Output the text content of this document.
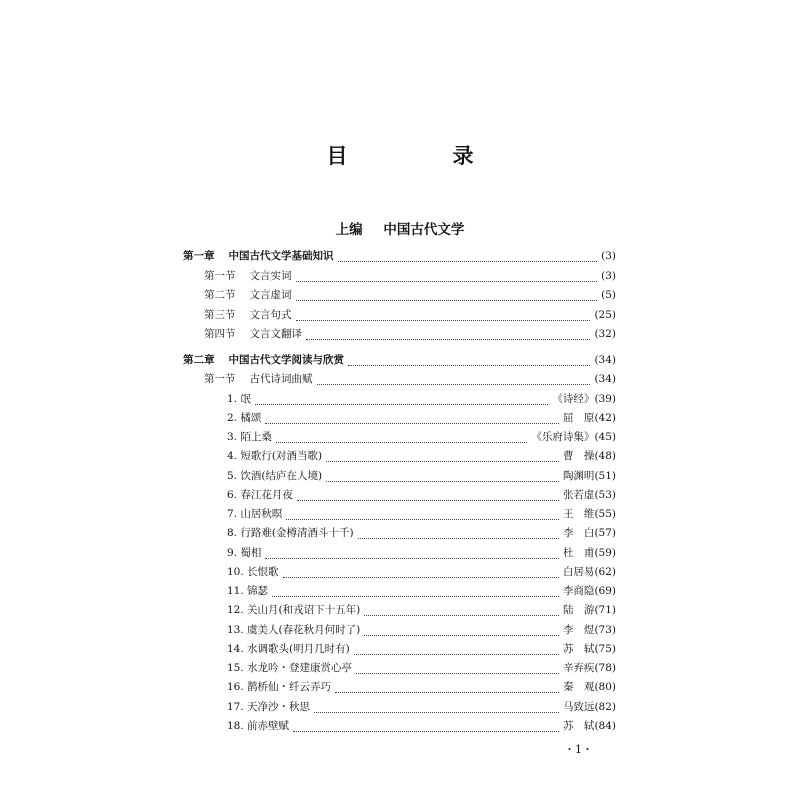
目　录
上编 中国古代文学
第一章 中国古代文学基础知识	(3)
第一节 文言实词	(3)
第二节 文言虚词	(5)
第三节 文言句式	(25)
第四节 文言文翻译	(32)
第二章 中国古代文学阅读与欣赏	(34)
第一节 古代诗词曲赋	(34)
1. 氓	《诗经》 (39)
2. 橘颂	屈　原 (42)
3. 陌上桑	《乐府诗集》 (45)
4. 短歌行(对酒当歌)	曹　操 (48)
5. 饮酒(结庐在人境)	陶渊明 (51)
6. 春江花月夜	张若虚 (53)
7. 山居秋暝	王　维 (55)
8. 行路难(金樽清酒斗十千)	李　白 (57)
9. 蜀相	杜　甫 (59)
10. 长恨歌	白居易 (62)
11. 锦瑟	李商隐 (69)
12. 关山月(和戎诏下十五年)	陆　游 (71)
13. 虞美人(春花秋月何时了)	李　煜 (73)
14. 水调歌头(明月几时有)	苏　轼 (75)
15. 水龙吟・登建康赏心亭	辛弃疾 (78)
16. 鹊桥仙・纤云弄巧	秦　观 (80)
17. 天净沙・秋思	马致远 (82)
18. 前赤壁赋	苏　轼 (84)
・1・
